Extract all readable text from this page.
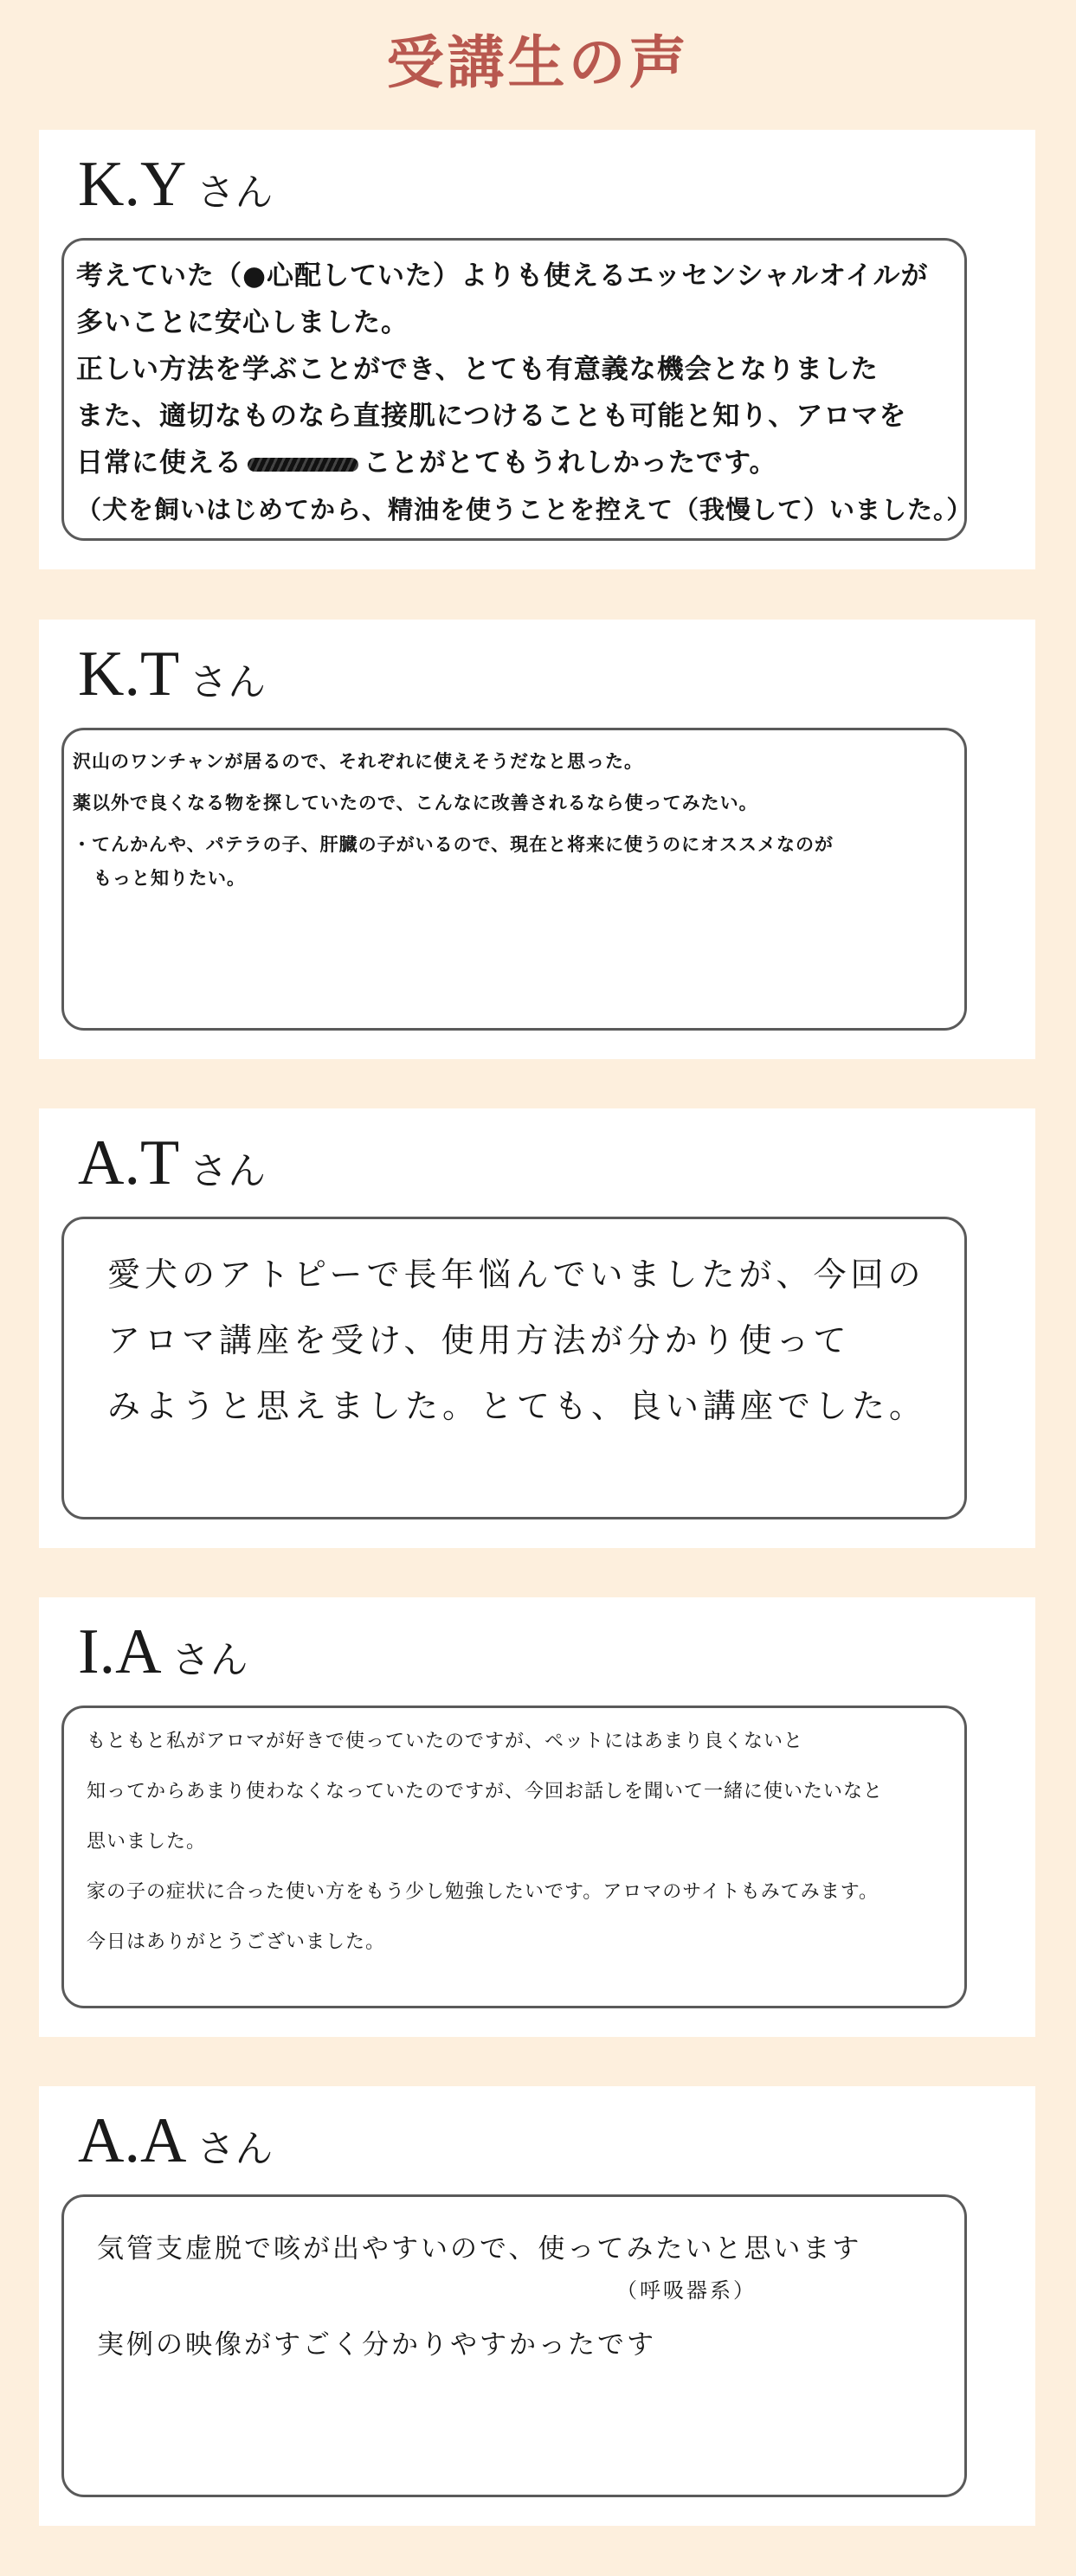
受講生の声
K.Y さん
考えていた（●心配していた）よりも使えるエッセンシャルオイルが
多いことに安心しました。
正しい方法を学ぶことができ、とても有意義な機会となりました
また、適切なものなら直接肌につけることも可能と知り、アロマを
日常に使える	ことがとてもうれしかったです。
（犬を飼いはじめてから、精油を使うことを控えて（我慢して）いました。）
K.T さん
沢山のワンチャンが居るので、それぞれに使えそうだなと思った。
薬以外で良くなる物を探していたので、こんなに改善されるなら使ってみたい。
・てんかんや、パテラの子、肝臓の子がいるので、現在と将来に使うのにオススメなのが
もっと知りたい。
A.T さん
愛犬のアトピーで長年悩んでいましたが、今回の
アロマ講座を受け、使用方法が分かり使って
みようと思えました。とても、良い講座でした。
I.A さん
もともと私がアロマが好きで使っていたのですが、ペットにはあまり良くないと
知ってからあまり使わなくなっていたのですが、今回お話しを聞いて一緒に使いたいなと
思いました。
家の子の症状に合った使い方をもう少し勉強したいです。アロマのサイトもみてみます。
今日はありがとうございました。
A.A さん
気管支虚脱で咳が出やすいので、使ってみたいと思います
（呼吸器系）
実例の映像がすごく分かりやすかったです
